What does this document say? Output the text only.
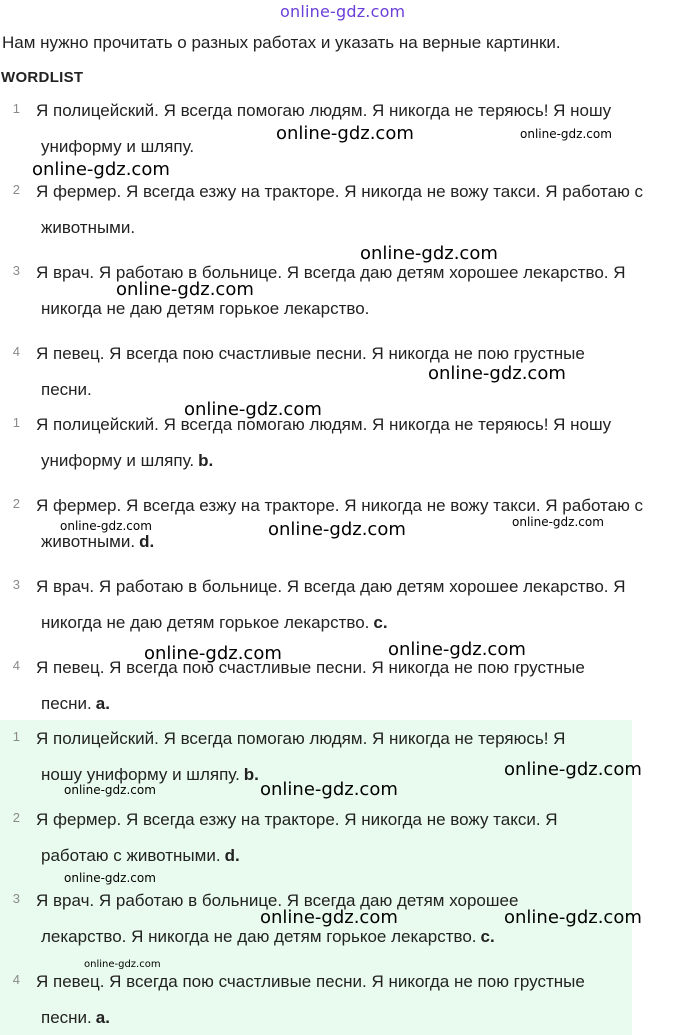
online-gdz.com
Нам нужно прочитать о разных работах и указать на верные картинки.
WORDLIST
1 Я полицейский. Я всегда помогаю людям. Я никогда не теряюсь! Я ношу
униформу и шляпу.
2 Я фермер. Я всегда езжу на тракторе. Я никогда не вожу такси. Я работаю с
животными.
3 Я врач. Я работаю в больнице. Я всегда даю детям хорошее лекарство. Я
никогда не даю детям горькое лекарство.
4 Я певец. Я всегда пою счастливые песни. Я никогда не пою грустные
песни.
1 Я полицейский. Я всегда помогаю людям. Я никогда не теряюсь! Я ношу
униформу и шляпу. b.
2 Я фермер. Я всегда езжу на тракторе. Я никогда не вожу такси. Я работаю с
животными. d.
3 Я врач. Я работаю в больнице. Я всегда даю детям хорошее лекарство. Я
никогда не даю детям горькое лекарство. c.
4 Я певец. Я всегда пою счастливые песни. Я никогда не пою грустные
песни. a.
1 Я полицейский. Я всегда помогаю людям. Я никогда не теряюсь! Я
ношу униформу и шляпу. b.
2 Я фермер. Я всегда езжу на тракторе. Я никогда не вожу такси. Я
работаю с животными. d.
3 Я врач. Я работаю в больнице. Я всегда даю детям хорошее
лекарство. Я никогда не даю детям горькое лекарство. c.
4 Я певец. Я всегда пою счастливые песни. Я никогда не пою грустные
песни. a.
online-gdz.com	online-gdz.com
online-gdz.com
online-gdz.com
online-gdz.com
online-gdz.com
online-gdz.com
online-gdz.com	online-gdz.com	online-gdz.com
online-gdz.com	online-gdz.com
online-gdz.com
online-gdz.com	online-gdz.com
online-gdz.com
online-gdz.com	online-gdz.com
online-gdz.com
